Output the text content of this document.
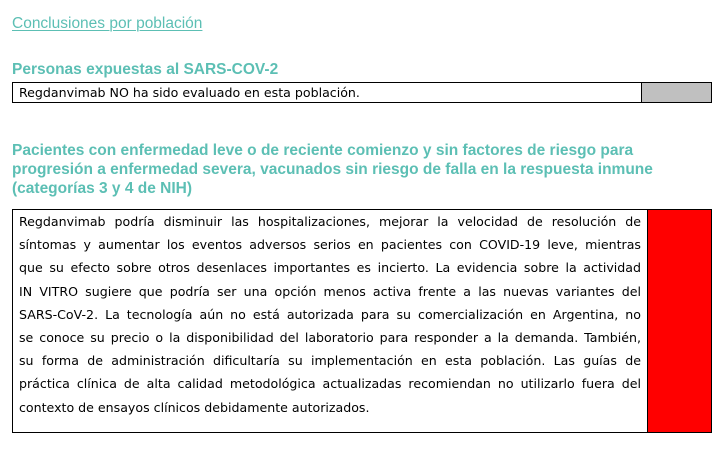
Conclusiones por población
Personas expuestas al SARS-COV-2
Regdanvimab NO ha sido evaluado en esta población.	
Pacientes con enfermedad leve o de reciente comienzo y sin factores de riesgo para
progresión a enfermedad severa, vacunados sin riesgo de falla en la respuesta inmune
(categorías 3 y 4 de NIH)
Regdanvimab podría disminuir las hospitalizaciones, mejorar la velocidad de resolución de
síntomas y aumentar los eventos adversos serios en pacientes con COVID-19 leve, mientras
que su efecto sobre otros desenlaces importantes es incierto. La evidencia sobre la actividad
IN VITRO sugiere que podría ser una opción menos activa frente a las nuevas variantes del
SARS-CoV-2. La tecnología aún no está autorizada para su comercialización en Argentina, no
se conoce su precio o la disponibilidad del laboratorio para responder a la demanda. También,
su forma de administración dificultaría su implementación en esta población. Las guías de
práctica clínica de alta calidad metodológica actualizadas recomiendan no utilizarlo fuera del
contexto de ensayos clínicos debidamente autorizados.
